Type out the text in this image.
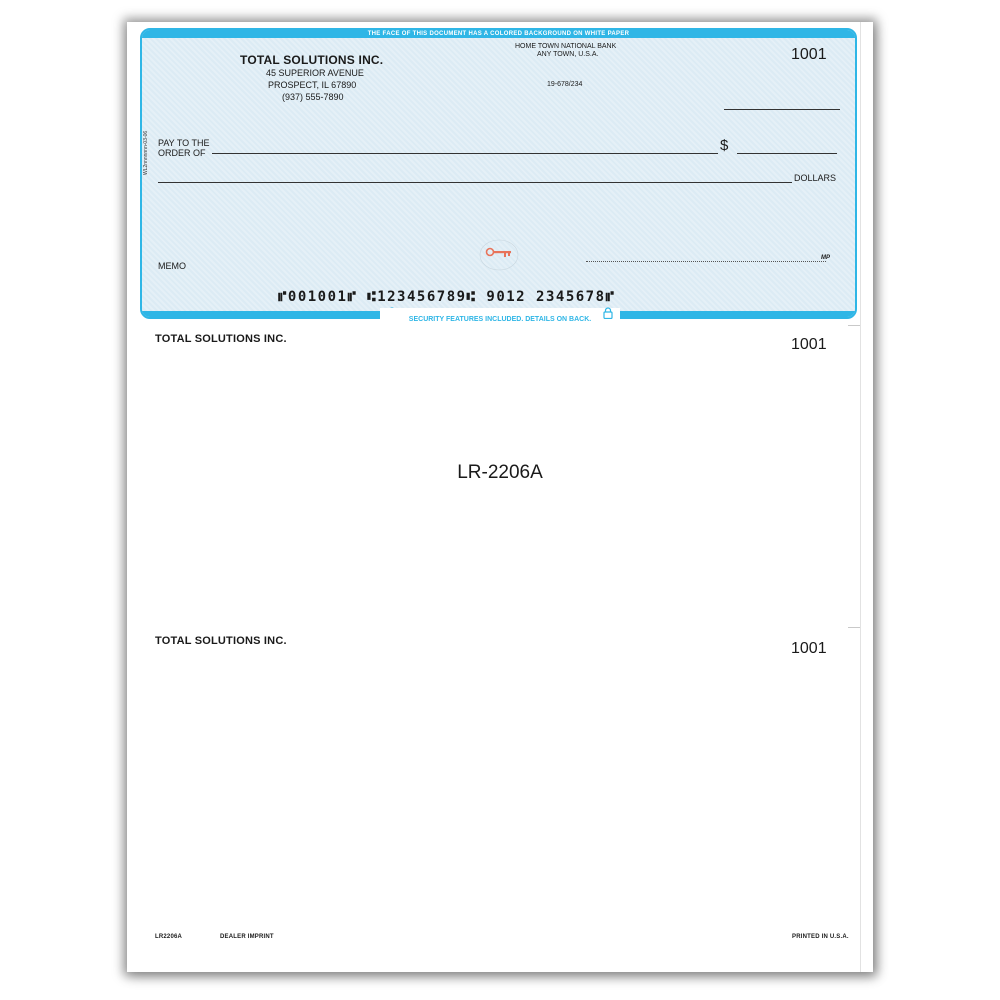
THE FACE OF THIS DOCUMENT HAS A COLORED BACKGROUND ON WHITE PAPER
TOTAL SOLUTIONS INC.
45 SUPERIOR AVENUE
PROSPECT, IL 67890
(937) 555-7890
HOME TOWN NATIONAL BANK
ANY TOWN, U.S.A.
19-678/234
1001
PAY TO THE
ORDER OF	$
DOLLARS
WL2nnnnnnn-03-06
MEMO
MP
⑈001001⑈ ⑆123456789⑆ 9012 2345678⑈
SECURITY FEATURES INCLUDED. DETAILS ON BACK.
TOTAL SOLUTIONS INC.	1001
LR-2206A
TOTAL SOLUTIONS INC.	1001
LR2206A	DEALER IMPRINT	PRINTED IN U.S.A.
